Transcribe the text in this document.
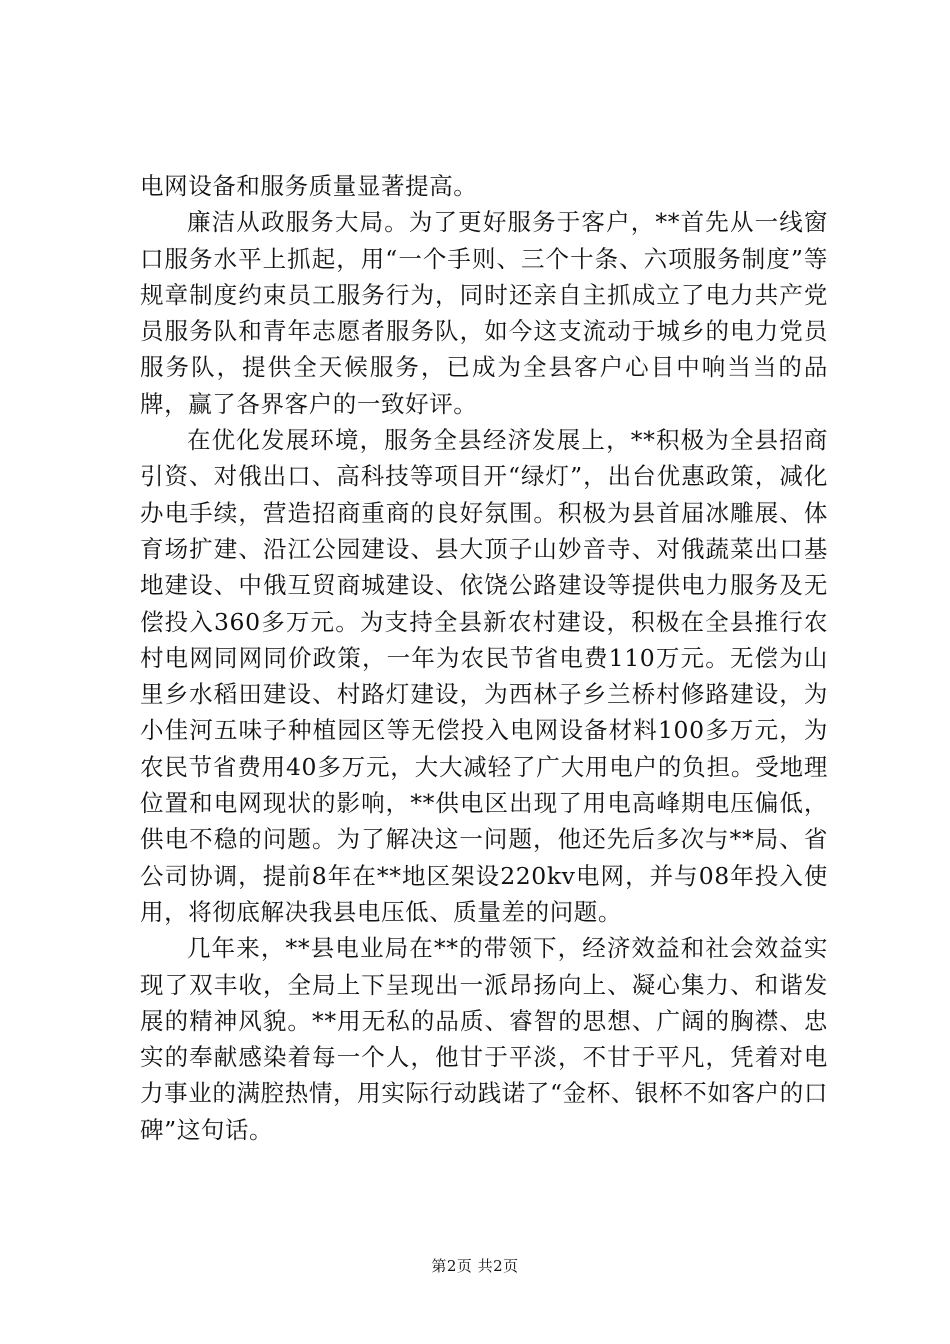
电网设备和服务质量显著提高。

廉洁从政服务大局。为了更好服务于客户，**首先从一线窗口服务水平上抓起，用“一个手则、三个十条、六项服务制度”等规章制度约束员工服务行为，同时还亲自主抓成立了电力共产党员服务队和青年志愿者服务队，如今这支流动于城乡的电力党员服务队，提供全天候服务，已成为全县客户心目中响当当的品牌，赢了各界客户的一致好评。

在优化发展环境，服务全县经济发展上，**积极为全县招商引资、对俄出口、高科技等项目开“绿灯”，出台优惠政策，减化办电手续，营造招商重商的良好氛围。积极为县首届冰雕展、体育场扩建、沿江公园建设、县大顶子山妙音寺、对俄蔬菜出口基地建设、中俄互贸商城建设、依饶公路建设等提供电力服务及无偿投入360多万元。为支持全县新农村建设，积极在全县推行农村电网同网同价政策，一年为农民节省电费110万元。无偿为山里乡水稻田建设、村路灯建设，为西林子乡兰桥村修路建设，为小佳河五味子种植园区等无偿投入电网设备材料100多万元，为农民节省费用40多万元，大大减轻了广大用电户的负担。受地理位置和电网现状的影响，**供电区出现了用电高峰期电压偏低，供电不稳的问题。为了解决这一问题，他还先后多次与**局、省公司协调，提前8年在**地区架设220kv电网，并与08年投入使用，将彻底解决我县电压低、质量差的问题。

几年来，**县电业局在**的带领下，经济效益和社会效益实现了双丰收，全局上下呈现出一派昂扬向上、凝心集力、和谐发展的精神风貌。**用无私的品质、睿智的思想、广阔的胸襟、忠实的奉献感染着每一个人，他甘于平淡，不甘于平凡，凭着对电力事业的满腔热情，用实际行动践诺了“金杯、银杯不如客户的口碑”这句话。

第2页 共2页
